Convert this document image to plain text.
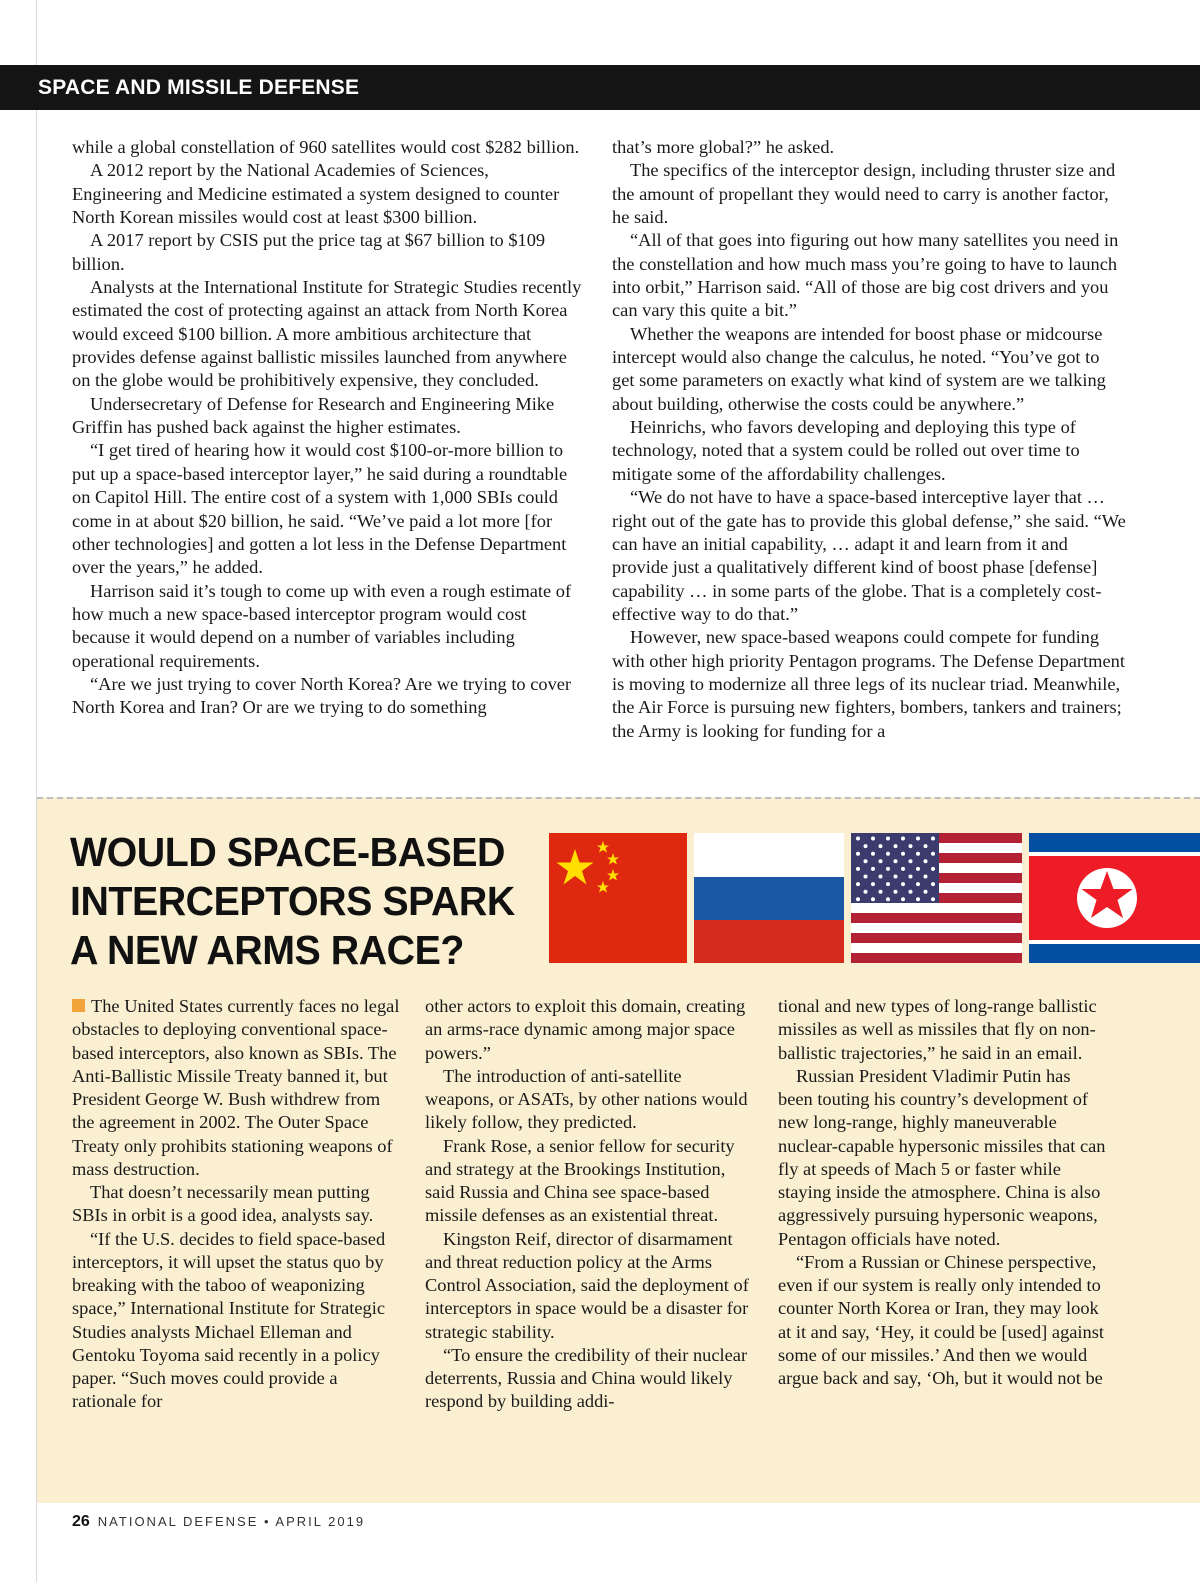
SPACE AND MISSILE DEFENSE

while a global constellation of 960 satellites would cost $282 billion.

A 2012 report by the National Academies of Sciences, Engineering and Medicine estimated a system designed to counter North Korean missiles would cost at least $300 billion.

A 2017 report by CSIS put the price tag at $67 billion to $109 billion.

Analysts at the International Institute for Strategic Studies recently estimated the cost of protecting against an attack from North Korea would exceed $100 billion. A more ambitious architecture that provides defense against ballistic missiles launched from anywhere on the globe would be prohibitively expensive, they concluded.

Undersecretary of Defense for Research and Engineering Mike Griffin has pushed back against the higher estimates.

“I get tired of hearing how it would cost $100-or-more billion to put up a space-based interceptor layer,” he said during a roundtable on Capitol Hill. The entire cost of a system with 1,000 SBIs could come in at about $20 billion, he said. “We’ve paid a lot more [for other technologies] and gotten a lot less in the Defense Department over the years,” he added.

Harrison said it’s tough to come up with even a rough estimate of how much a new space-based interceptor program would cost because it would depend on a number of variables including operational requirements.

“Are we just trying to cover North Korea? Are we trying to cover North Korea and Iran? Or are we trying to do something

that’s more global?” he asked.

The specifics of the interceptor design, including thruster size and the amount of propellant they would need to carry is another factor, he said.

“All of that goes into figuring out how many satellites you need in the constellation and how much mass you’re going to have to launch into orbit,” Harrison said. “All of those are big cost drivers and you can vary this quite a bit.”

Whether the weapons are intended for boost phase or midcourse intercept would also change the calculus, he noted. “You’ve got to get some parameters on exactly what kind of system are we talking about building, otherwise the costs could be anywhere.”

Heinrichs, who favors developing and deploying this type of technology, noted that a system could be rolled out over time to mitigate some of the affordability challenges.

“We do not have to have a space-based interceptive layer that … right out of the gate has to provide this global defense,” she said. “We can have an initial capability, … adapt it and learn from it and provide just a qualitatively different kind of boost phase [defense] capability … in some parts of the globe. That is a completely cost-effective way to do that.”

However, new space-based weapons could compete for funding with other high priority Pentagon programs. The Defense Department is moving to modernize all three legs of its nuclear triad. Meanwhile, the Air Force is pursuing new fighters, bombers, tankers and trainers; the Army is looking for funding for a

WOULD SPACE-BASED INTERCEPTORS SPARK A NEW ARMS RACE?

The United States currently faces no legal obstacles to deploying conventional space-based interceptors, also known as SBIs. The Anti-Ballistic Missile Treaty banned it, but President George W. Bush withdrew from the agreement in 2002. The Outer Space Treaty only prohibits stationing weapons of mass destruction.

That doesn’t necessarily mean putting SBIs in orbit is a good idea, analysts say.

“If the U.S. decides to field space-based interceptors, it will upset the status quo by breaking with the taboo of weaponizing space,” International Institute for Strategic Studies analysts Michael Elleman and Gentoku Toyoma said recently in a policy paper. “Such moves could provide a rationale for

other actors to exploit this domain, creating an arms-race dynamic among major space powers.”

The introduction of anti-satellite weapons, or ASATs, by other nations would likely follow, they predicted.

Frank Rose, a senior fellow for security and strategy at the Brookings Institution, said Russia and China see space-based missile defenses as an existential threat.

Kingston Reif, director of disarmament and threat reduction policy at the Arms Control Association, said the deployment of interceptors in space would be a disaster for strategic stability.

“To ensure the credibility of their nuclear deterrents, Russia and China would likely respond by building addi-

tional and new types of long-range ballistic missiles as well as missiles that fly on non-ballistic trajectories,” he said in an email.

Russian President Vladimir Putin has been touting his country’s development of new long-range, highly maneuverable nuclear-capable hypersonic missiles that can fly at speeds of Mach 5 or faster while staying inside the atmosphere. China is also aggressively pursuing hypersonic weapons, Pentagon officials have noted.

“From a Russian or Chinese perspective, even if our system is really only intended to counter North Korea or Iran, they may look at it and say, ‘Hey, it could be [used] against some of our missiles.’ And then we would argue back and say, ‘Oh, but it would not be

26 NATIONAL DEFENSE • APRIL 2019
